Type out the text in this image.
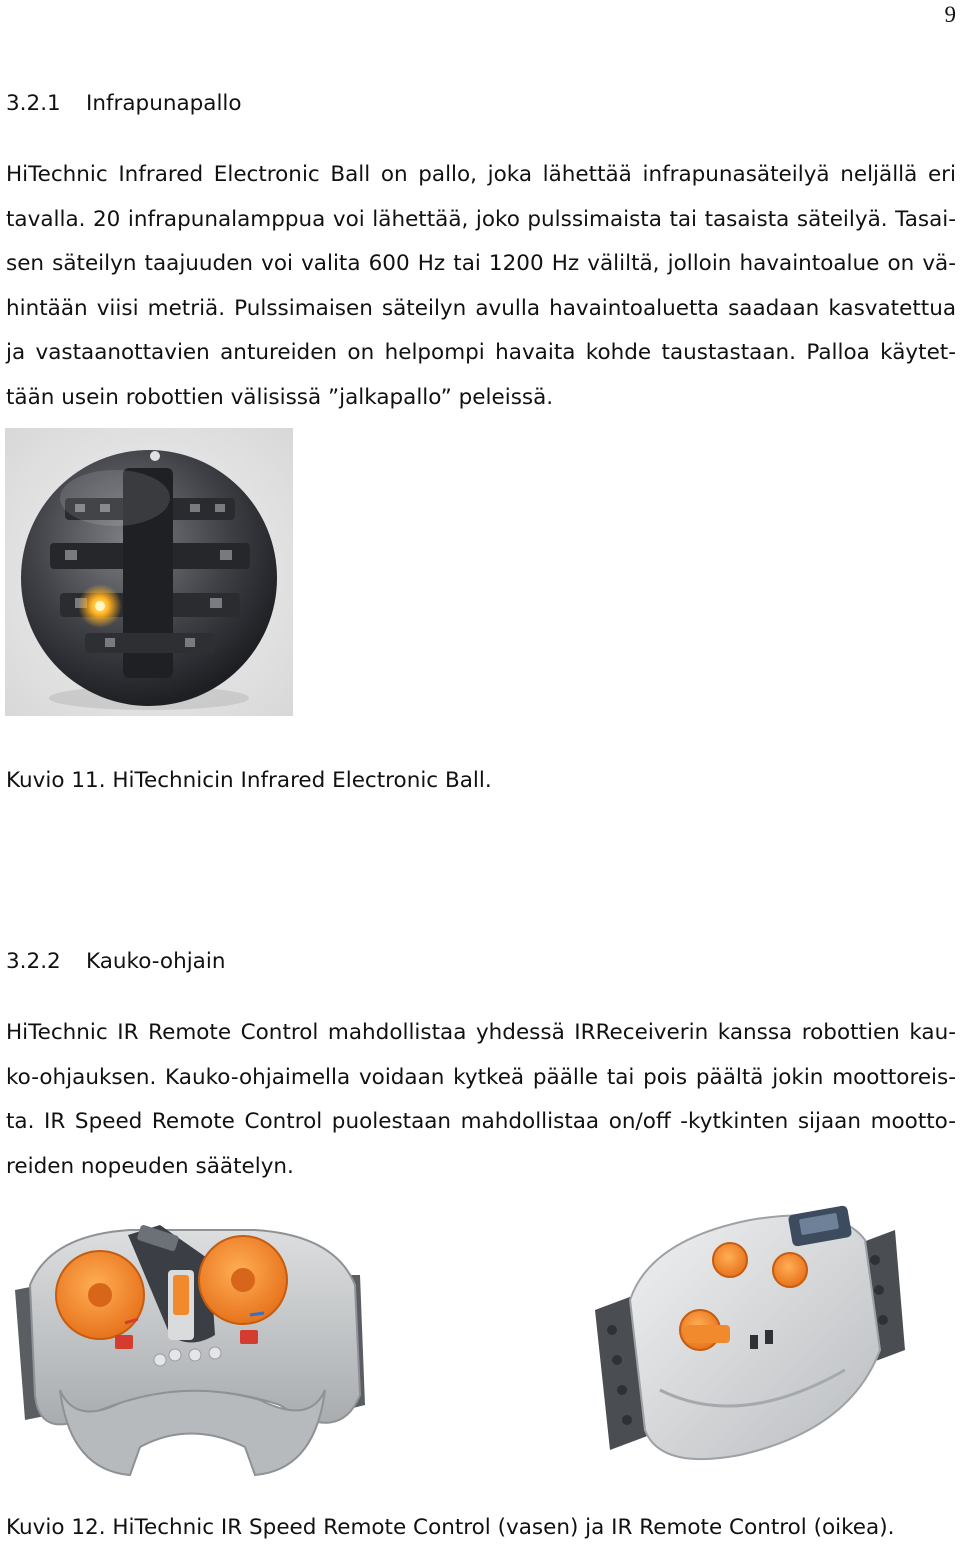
9
3.2.1 Infrapunapallo
HiTechnic Infrared Electronic Ball on pallo, joka lähettää infrapunasäteilyä neljällä eri
tavalla. 20 infrapunalamppua voi lähettää, joko pulssimaista tai tasaista säteilyä. Tasai-
sen säteilyn taajuuden voi valita 600 Hz tai 1200 Hz väliltä, jolloin havaintoalue on vä-
hintään viisi metriä. Pulssimaisen säteilyn avulla havaintoaluetta saadaan kasvatettua
ja vastaanottavien antureiden on helpompi havaita kohde taustastaan. Palloa käytet-
tään usein robottien välisissä ”jalkapallo” peleissä.

Kuvio 11. HiTechnicin Infrared Electronic Ball.

3.2.2 Kauko-ohjain
HiTechnic IR Remote Control mahdollistaa yhdessä IRReceiverin kanssa robottien kau-
ko-ohjauksen. Kauko-ohjaimella voidaan kytkeä päälle tai pois päältä jokin moottoreis-
ta. IR Speed Remote Control puolestaan mahdollistaa on/off -kytkinten sijaan mootto-
reiden nopeuden säätelyn.

Kuvio 12. HiTechnic IR Speed Remote Control (vasen) ja IR Remote Control (oikea).
